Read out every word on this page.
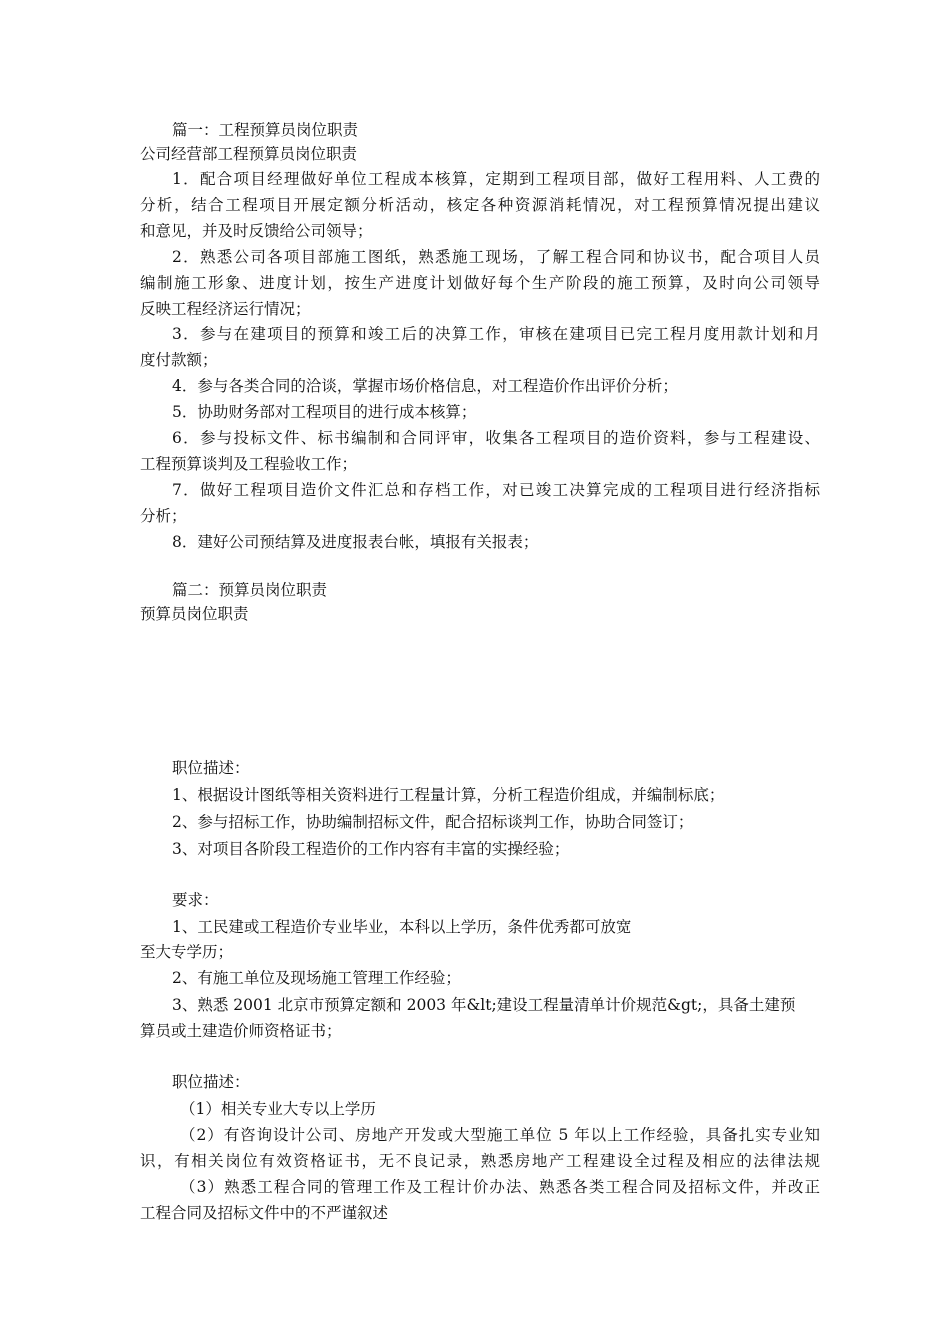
篇一：工程预算员岗位职责
公司经营部工程预算员岗位职责
1．配合项目经理做好单位工程成本核算，定期到工程项目部，做好工程用料、人工费的
分析，结合工程项目开展定额分析活动，核定各种资源消耗情况，对工程预算情况提出建议
和意见，并及时反馈给公司领导；
2．熟悉公司各项目部施工图纸，熟悉施工现场，了解工程合同和协议书，配合项目人员
编制施工形象、进度计划，按生产进度计划做好每个生产阶段的施工预算，及时向公司领导
反映工程经济运行情况；
3．参与在建项目的预算和竣工后的决算工作，审核在建项目已完工程月度用款计划和月
度付款额；
4．参与各类合同的洽谈，掌握市场价格信息，对工程造价作出评价分析；
5．协助财务部对工程项目的进行成本核算；
6．参与投标文件、标书编制和合同评审，收集各工程项目的造价资料，参与工程建设、
工程预算谈判及工程验收工作；
7．做好工程项目造价文件汇总和存档工作，对已竣工决算完成的工程项目进行经济指标
分析；
8．建好公司预结算及进度报表台帐，填报有关报表；
篇二：预算员岗位职责
预算员岗位职责
职位描述：
1、根据设计图纸等相关资料进行工程量计算，分析工程造价组成，并编制标底；
2、参与招标工作，协助编制招标文件，配合招标谈判工作，协助合同签订；
3、对项目各阶段工程造价的工作内容有丰富的实操经验；
要求：
1、工民建或工程造价专业毕业，本科以上学历，条件优秀都可放宽
至大专学历；
2、有施工单位及现场施工管理工作经验；
3、熟悉 2001 北京市预算定额和 2003 年&lt;建设工程量清单计价规范&gt;，具备土建预
算员或土建造价师资格证书；
职位描述：
（1）相关专业大专以上学历
（2）有咨询设计公司、房地产开发或大型施工单位 5 年以上工作经验，具备扎实专业知
识，有相关岗位有效资格证书，无不良记录，熟悉房地产工程建设全过程及相应的法律法规
（3）熟悉工程合同的管理工作及工程计价办法、熟悉各类工程合同及招标文件，并改正
工程合同及招标文件中的不严谨叙述
